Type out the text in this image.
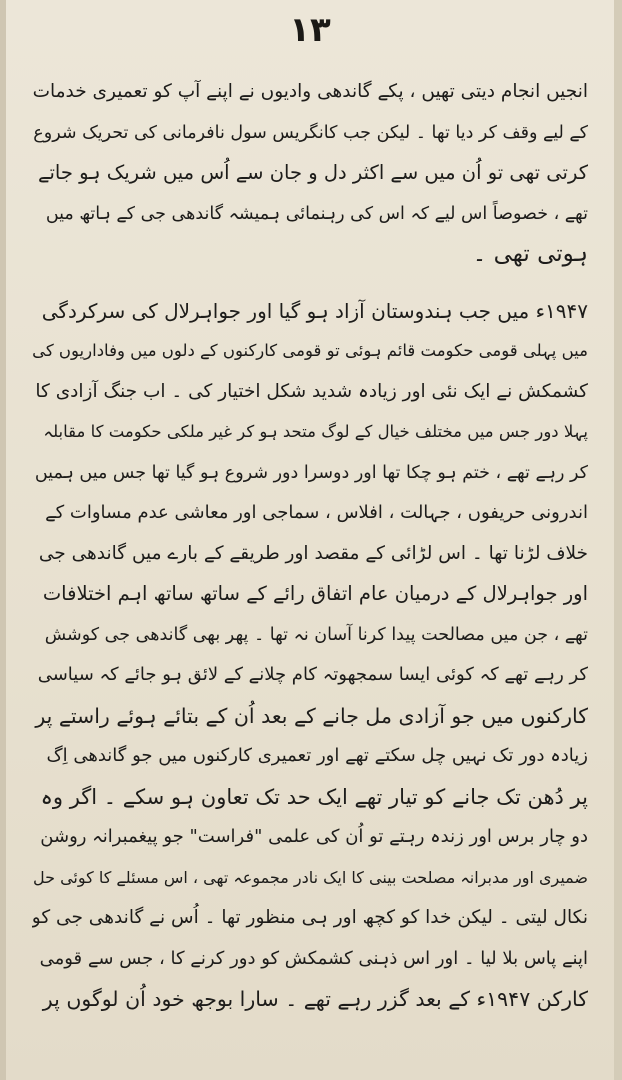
۱۳
انجیں انجام دیتی تھیں ، پکے گاندھی وادیوں نے اپنے آپ کو تعمیری خدمات
کے لیے وقف کر دیا تھا ۔ لیکن جب کانگریس سول نافرمانی کی تحریک شروع
کرتی تھی تو اُن میں سے اکثر دل و جان سے اُس میں شریک ہو جاتے
تھے ، خصوصاً اس لیے کہ اس کی رہنمائی ہمیشہ گاندھی جی کے ہاتھ میں
ہوتی تھی ۔
۱۹۴۷ء میں جب ہندوستان آزاد ہو گیا اور جواہرلال کی سرکردگی
میں پہلی قومی حکومت قائم ہوئی تو قومی کارکنوں کے دلوں میں وفاداریوں کی
کشمکش نے ایک نئی اور زیادہ شدید شکل اختیار کی ۔ اب جنگ آزادی کا
پہلا دور جس میں مختلف خیال کے لوگ متحد ہو کر غیر ملکی حکومت کا مقابلہ
کر رہے تھے ، ختم ہو چکا تھا اور دوسرا دور شروع ہو گیا تھا جس میں ہمیں
اندرونی حریفوں ، جہالت ، افلاس ، سماجی اور معاشی عدم مساوات کے
خلاف لڑنا تھا ۔ اس لڑائی کے مقصد اور طریقے کے بارے میں گاندھی جی
اور جواہرلال کے درمیان عام اتفاق رائے کے ساتھ ساتھ اہم اختلافات
تھے ، جن میں مصالحت پیدا کرنا آسان نہ تھا ۔ پھر بھی گاندھی جی کوشش
کر رہے تھے کہ کوئی ایسا سمجھوتہ کام چلانے کے لائق ہو جائے کہ سیاسی
کارکنوں میں جو آزادی مل جانے کے بعد اُن کے بتائے ہوئے راستے پر
زیادہ دور تک نہیں چل سکتے تھے اور تعمیری کارکنوں میں جو گاندھی اِگ
پر دُھن تک جانے کو تیار تھے ایک حد تک تعاون ہو سکے ۔ اگر وہ
دو چار برس اور زندہ رہتے تو اُن کی علمی "فراست" جو پیغمبرانہ روشن
ضمیری اور مدبرانہ مصلحت بینی کا ایک نادر مجموعہ تھی ، اس مسئلے کا کوئی حل
نکال لیتی ۔ لیکن خدا کو کچھ اور ہی منظور تھا ۔ اُس نے گاندھی جی کو
اپنے پاس بلا لیا ۔ اور اس ذہنی کشمکش کو دور کرنے کا ، جس سے قومی
کارکن ۱۹۴۷ء کے بعد گزر رہے تھے ۔ سارا بوجھ خود اُن لوگوں پر
